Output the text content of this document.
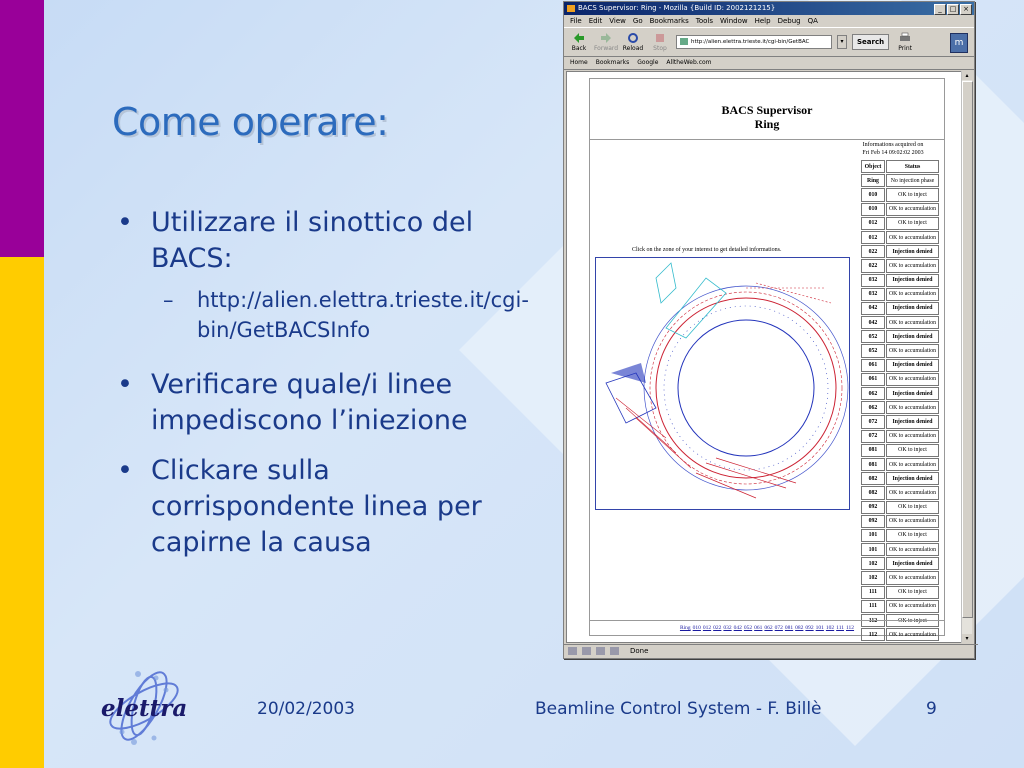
Come operare:
• Utilizzare il sinottico del BACS:
– http://alien.elettra.trieste.it/cgi-bin/GetBACSInfo
• Verificare quale/i linee impediscono l’iniezione
• Clickare sulla corrispondente linea per capirne la causa
elettra	20/02/2003	Beamline Control System - F. Billè	9
BACS Supervisor: Ring - Mozilla {Build ID: 2002121215}	_	□ ×
File Edit View Go Bookmarks Tools Window Help Debug QA
Back Forward Reload Stop
http://alien.elettra.trieste.it/cgi-bin/GetBAC	▾	Search
Print
m
Home Bookmarks Google AlltheWeb.com
BACS Supervisor
Ring
Informations acquired on
Fri Feb 14 09:02:02 2003
Click on the zone of your interest to get detailed informations.
Object	Status
Ring	No injection phase
010	OK to inject
010	OK to accumulation
012	OK to inject
012	OK to accumulation
022	Injection denied
022	OK to accumulation
032	Injection denied
032	OK to accumulation
042	Injection denied
042	OK to accumulation
052	Injection denied
052	OK to accumulation
061	Injection denied
061	OK to accumulation
062	Injection denied
062	OK to accumulation
072	Injection denied
072	OK to accumulation
081	OK to inject
081	OK to accumulation
082	Injection denied
082	OK to accumulation
092	OK to inject
092	OK to accumulation
101	OK to inject
101	OK to accumulation
102	Injection denied
102	OK to accumulation
111	OK to inject
111	OK to accumulation
112	OK to inject
112	OK to accumulation
Ring 010 012 022 032 042 052 061 062 072 081 082 092 101 102 111 112
▴
▾
Done
